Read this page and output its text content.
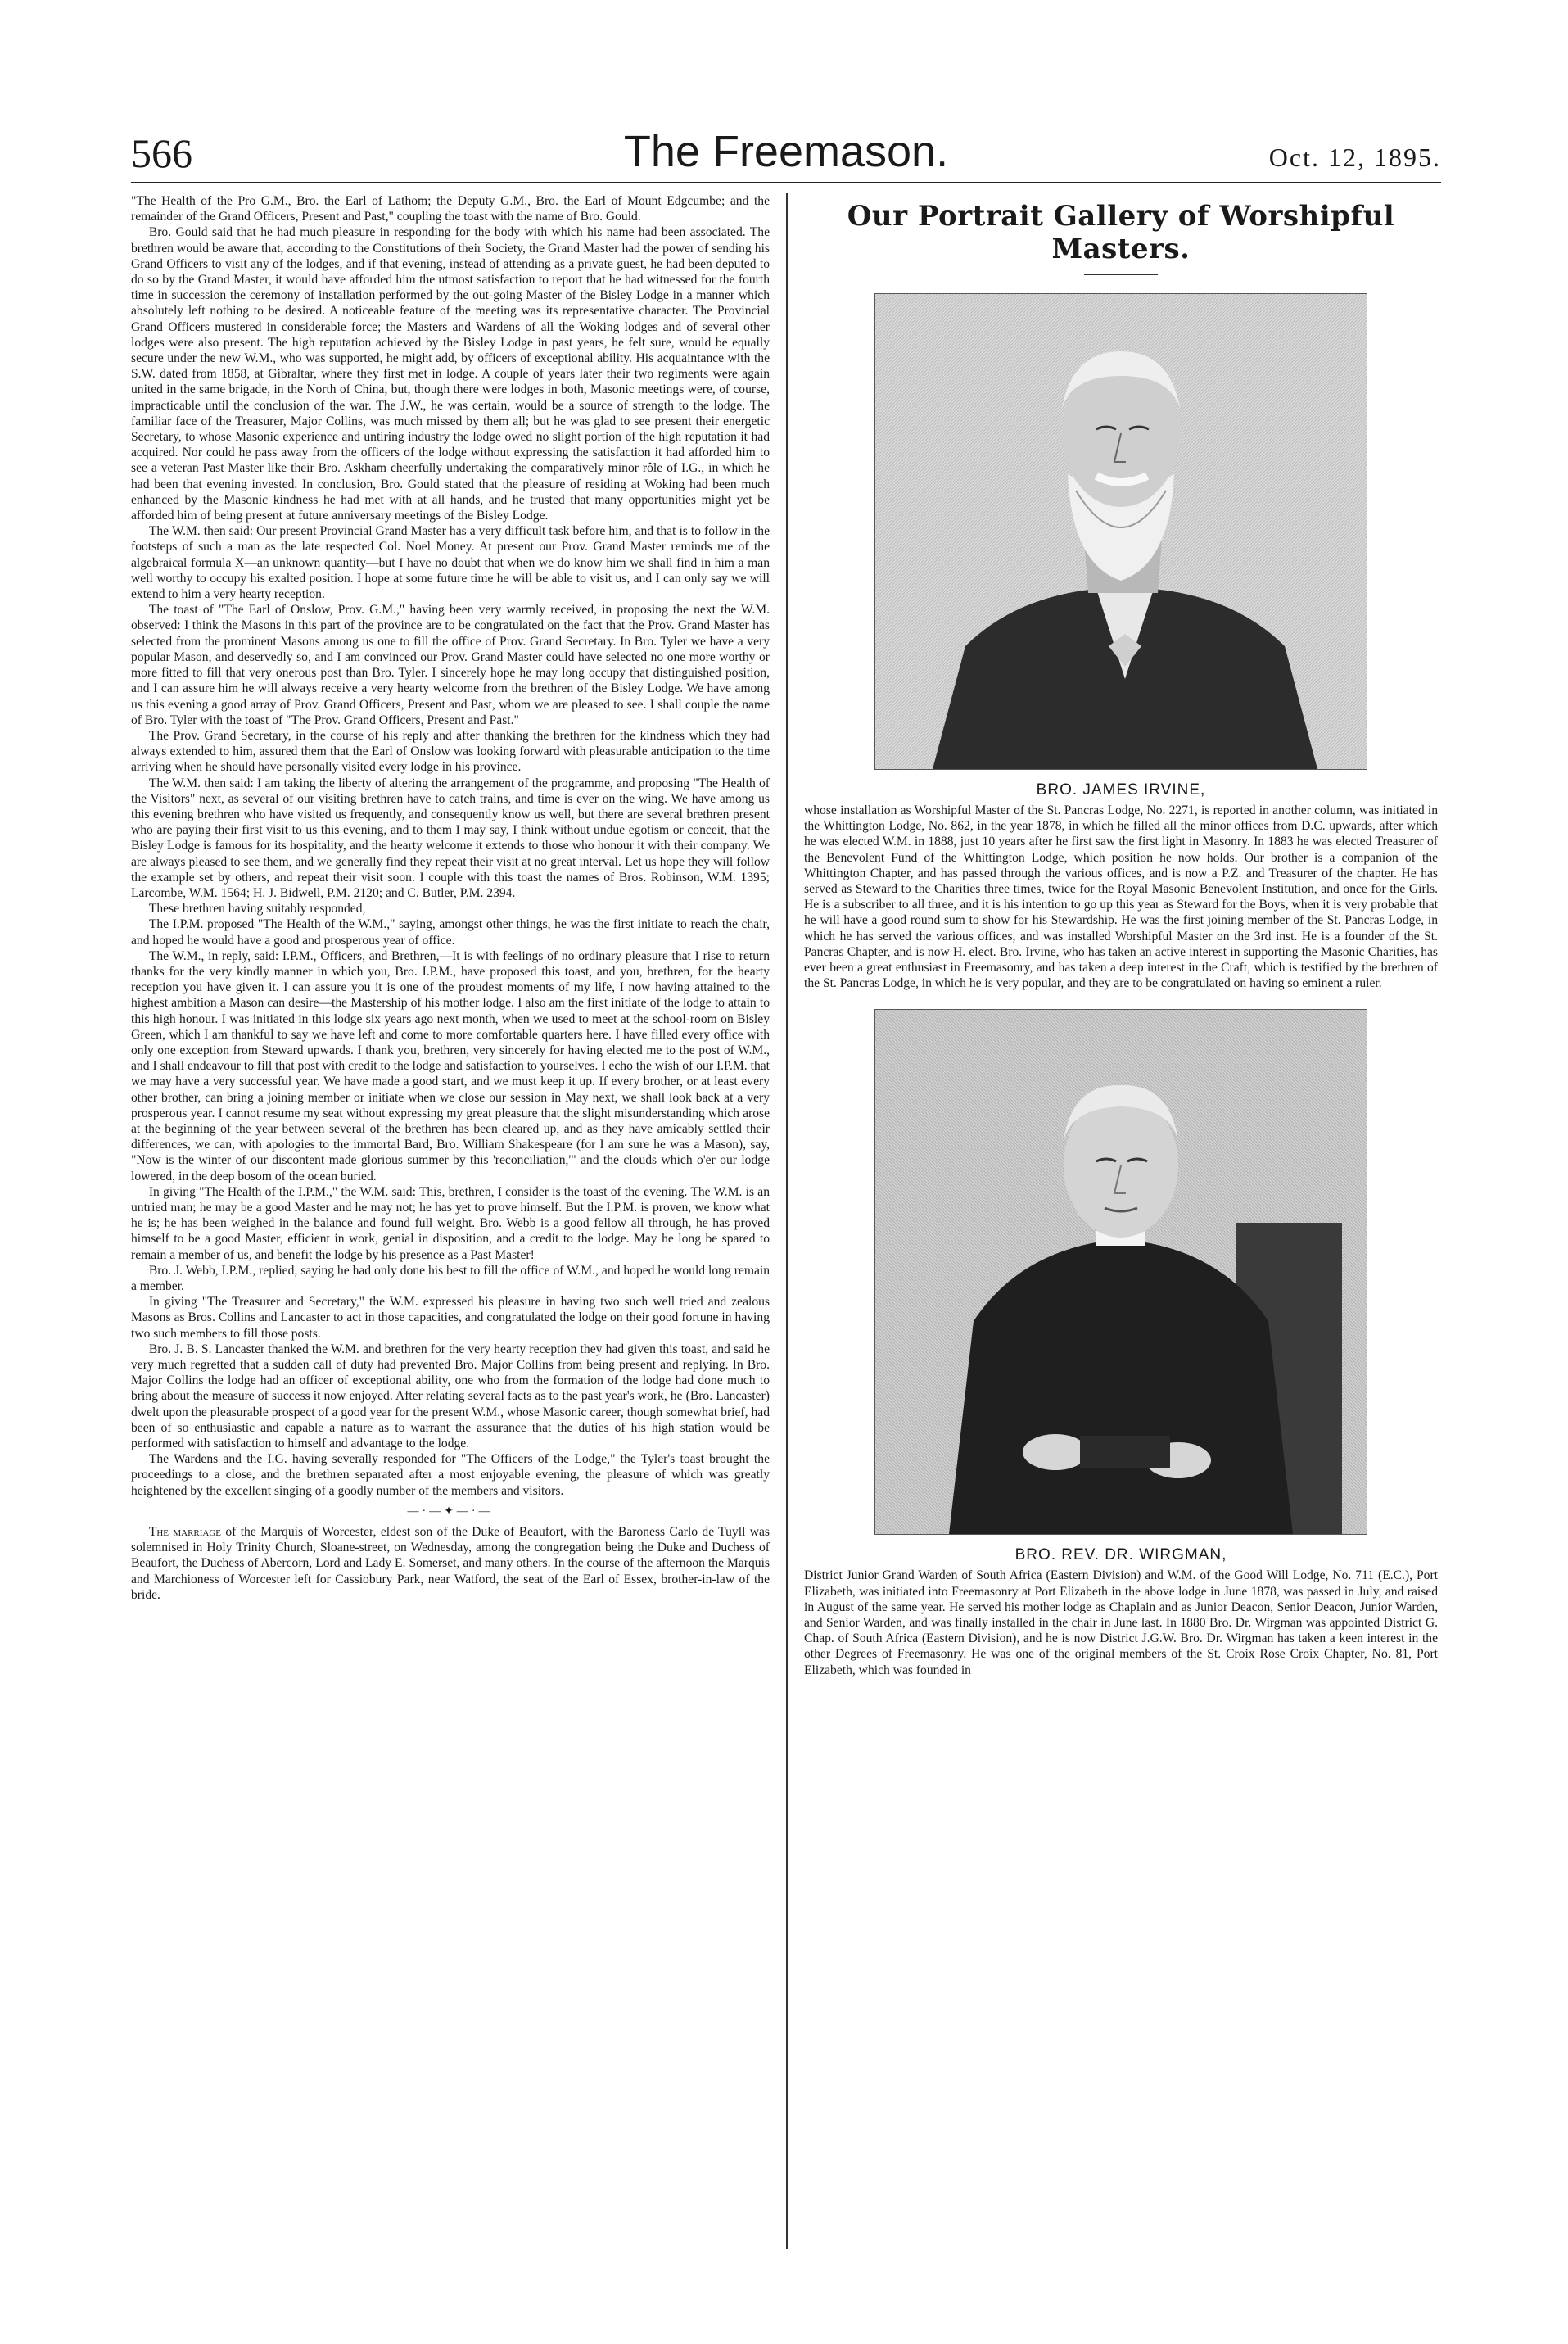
566	The Freemason.	Oct. 12, 1895.

"The Health of the Pro G.M., Bro. the Earl of Lathom; the Deputy G.M., Bro. the Earl of Mount Edgcumbe; and the remainder of the Grand Officers, Present and Past," coupling the toast with the name of Bro. Gould.

Bro. Gould said that he had much pleasure in responding for the body with which his name had been associated. The brethren would be aware that, according to the Constitutions of their Society, the Grand Master had the power of sending his Grand Officers to visit any of the lodges, and if that evening, instead of attending as a private guest, he had been deputed to do so by the Grand Master, it would have afforded him the utmost satisfaction to report that he had witnessed for the fourth time in succession the ceremony of installation performed by the out-going Master of the Bisley Lodge in a manner which absolutely left nothing to be desired. A noticeable feature of the meeting was its representative character. The Provincial Grand Officers mustered in considerable force; the Masters and Wardens of all the Woking lodges and of several other lodges were also present. The high reputation achieved by the Bisley Lodge in past years, he felt sure, would be equally secure under the new W.M., who was supported, he might add, by officers of exceptional ability. His acquaintance with the S.W. dated from 1858, at Gibraltar, where they first met in lodge. A couple of years later their two regiments were again united in the same brigade, in the North of China, but, though there were lodges in both, Masonic meetings were, of course, impracticable until the conclusion of the war. The J.W., he was certain, would be a source of strength to the lodge. The familiar face of the Treasurer, Major Collins, was much missed by them all; but he was glad to see present their energetic Secretary, to whose Masonic experience and untiring industry the lodge owed no slight portion of the high reputation it had acquired. Nor could he pass away from the officers of the lodge without expressing the satisfaction it had afforded him to see a veteran Past Master like their Bro. Askham cheerfully undertaking the comparatively minor rôle of I.G., in which he had been that evening invested. In conclusion, Bro. Gould stated that the pleasure of residing at Woking had been much enhanced by the Masonic kindness he had met with at all hands, and he trusted that many opportunities might yet be afforded him of being present at future anniversary meetings of the Bisley Lodge.

The W.M. then said: Our present Provincial Grand Master has a very difficult task before him, and that is to follow in the footsteps of such a man as the late respected Col. Noel Money. At present our Prov. Grand Master reminds me of the algebraical formula X—an unknown quantity—but I have no doubt that when we do know him we shall find in him a man well worthy to occupy his exalted position. I hope at some future time he will be able to visit us, and I can only say we will extend to him a very hearty reception.

The toast of "The Earl of Onslow, Prov. G.M.," having been very warmly received, in proposing the next the W.M. observed: I think the Masons in this part of the province are to be congratulated on the fact that the Prov. Grand Master has selected from the prominent Masons among us one to fill the office of Prov. Grand Secretary. In Bro. Tyler we have a very popular Mason, and deservedly so, and I am convinced our Prov. Grand Master could have selected no one more worthy or more fitted to fill that very onerous post than Bro. Tyler. I sincerely hope he may long occupy that distinguished position, and I can assure him he will always receive a very hearty welcome from the brethren of the Bisley Lodge. We have among us this evening a good array of Prov. Grand Officers, Present and Past, whom we are pleased to see. I shall couple the name of Bro. Tyler with the toast of "The Prov. Grand Officers, Present and Past."

The Prov. Grand Secretary, in the course of his reply and after thanking the brethren for the kindness which they had always extended to him, assured them that the Earl of Onslow was looking forward with pleasurable anticipation to the time arriving when he should have personally visited every lodge in his province.

The W.M. then said: I am taking the liberty of altering the arrangement of the programme, and proposing "The Health of the Visitors" next, as several of our visiting brethren have to catch trains, and time is ever on the wing. We have among us this evening brethren who have visited us frequently, and consequently know us well, but there are several brethren present who are paying their first visit to us this evening, and to them I may say, I think without undue egotism or conceit, that the Bisley Lodge is famous for its hospitality, and the hearty welcome it extends to those who honour it with their company. We are always pleased to see them, and we generally find they repeat their visit at no great interval. Let us hope they will follow the example set by others, and repeat their visit soon. I couple with this toast the names of Bros. Robinson, W.M. 1395; Larcombe, W.M. 1564; H. J. Bidwell, P.M. 2120; and C. Butler, P.M. 2394.

These brethren having suitably responded,

The I.P.M. proposed "The Health of the W.M.," saying, amongst other things, he was the first initiate to reach the chair, and hoped he would have a good and prosperous year of office.

The W.M., in reply, said: I.P.M., Officers, and Brethren,—It is with feelings of no ordinary pleasure that I rise to return thanks for the very kindly manner in which you, Bro. I.P.M., have proposed this toast, and you, brethren, for the hearty reception you have given it. I can assure you it is one of the proudest moments of my life, I now having attained to the highest ambition a Mason can desire—the Mastership of his mother lodge. I also am the first initiate of the lodge to attain to this high honour. I was initiated in this lodge six years ago next month, when we used to meet at the school-room on Bisley Green, which I am thankful to say we have left and come to more comfortable quarters here. I have filled every office with only one exception from Steward upwards. I thank you, brethren, very sincerely for having elected me to the post of W.M., and I shall endeavour to fill that post with credit to the lodge and satisfaction to yourselves. I echo the wish of our I.P.M. that we may have a very successful year. We have made a good start, and we must keep it up. If every brother, or at least every other brother, can bring a joining member or initiate when we close our session in May next, we shall look back at a very prosperous year. I cannot resume my seat without expressing my great pleasure that the slight misunderstanding which arose at the beginning of the year between several of the brethren has been cleared up, and as they have amicably settled their differences, we can, with apologies to the immortal Bard, Bro. William Shakespeare (for I am sure he was a Mason), say, "Now is the winter of our discontent made glorious summer by this 'reconciliation,'" and the clouds which o'er our lodge lowered, in the deep bosom of the ocean buried.

In giving "The Health of the I.P.M.," the W.M. said: This, brethren, I consider is the toast of the evening. The W.M. is an untried man; he may be a good Master and he may not; he has yet to prove himself. But the I.P.M. is proven, we know what he is; he has been weighed in the balance and found full weight. Bro. Webb is a good fellow all through, he has proved himself to be a good Master, efficient in work, genial in disposition, and a credit to the lodge. May he long be spared to remain a member of us, and benefit the lodge by his presence as a Past Master!

Bro. J. Webb, I.P.M., replied, saying he had only done his best to fill the office of W.M., and hoped he would long remain a member.

In giving "The Treasurer and Secretary," the W.M. expressed his pleasure in having two such well tried and zealous Masons as Bros. Collins and Lancaster to act in those capacities, and congratulated the lodge on their good fortune in having two such members to fill those posts.

Bro. J. B. S. Lancaster thanked the W.M. and brethren for the very hearty reception they had given this toast, and said he very much regretted that a sudden call of duty had prevented Bro. Major Collins from being present and replying. In Bro. Major Collins the lodge had an officer of exceptional ability, one who from the formation of the lodge had done much to bring about the measure of success it now enjoyed. After relating several facts as to the past year's work, he (Bro. Lancaster) dwelt upon the pleasurable prospect of a good year for the present W.M., whose Masonic career, though somewhat brief, had been of so enthusiastic and capable a nature as to warrant the assurance that the duties of his high station would be performed with satisfaction to himself and advantage to the lodge.

The Wardens and the I.G. having severally responded for "The Officers of the Lodge," the Tyler's toast brought the proceedings to a close, and the brethren separated after a most enjoyable evening, the pleasure of which was greatly heightened by the excellent singing of a goodly number of the members and visitors.

—·—✦—·—

The marriage of the Marquis of Worcester, eldest son of the Duke of Beaufort, with the Baroness Carlo de Tuyll was solemnised in Holy Trinity Church, Sloane-street, on Wednesday, among the congregation being the Duke and Duchess of Beaufort, the Duchess of Abercorn, Lord and Lady E. Somerset, and many others. In the course of the afternoon the Marquis and Marchioness of Worcester left for Cassiobury Park, near Watford, the seat of the Earl of Essex, brother-in-law of the bride.

Our Portrait Gallery of Worshipful Masters.
BRO. JAMES IRVINE,

whose installation as Worshipful Master of the St. Pancras Lodge, No. 2271, is reported in another column, was initiated in the Whittington Lodge, No. 862, in the year 1878, in which he filled all the minor offices from D.C. upwards, after which he was elected W.M. in 1888, just 10 years after he first saw the first light in Masonry. In 1883 he was elected Treasurer of the Benevolent Fund of the Whittington Lodge, which position he now holds. Our brother is a companion of the Whittington Chapter, and has passed through the various offices, and is now a P.Z. and Treasurer of the chapter. He has served as Steward to the Charities three times, twice for the Royal Masonic Benevolent Institution, and once for the Girls. He is a subscriber to all three, and it is his intention to go up this year as Steward for the Boys, when it is very probable that he will have a good round sum to show for his Stewardship. He was the first joining member of the St. Pancras Lodge, in which he has served the various offices, and was installed Worshipful Master on the 3rd inst. He is a founder of the St. Pancras Chapter, and is now H. elect. Bro. Irvine, who has taken an active interest in supporting the Masonic Charities, has ever been a great enthusiast in Freemasonry, and has taken a deep interest in the Craft, which is testified by the brethren of the St. Pancras Lodge, in which he is very popular, and they are to be congratulated on having so eminent a ruler.

BRO. REV. DR. WIRGMAN,

District Junior Grand Warden of South Africa (Eastern Division) and W.M. of the Good Will Lodge, No. 711 (E.C.), Port Elizabeth, was initiated into Freemasonry at Port Elizabeth in the above lodge in June 1878, was passed in July, and raised in August of the same year. He served his mother lodge as Chaplain and as Junior Deacon, Senior Deacon, Junior Warden, and Senior Warden, and was finally installed in the chair in June last. In 1880 Bro. Dr. Wirgman was appointed District G. Chap. of South Africa (Eastern Division), and he is now District J.G.W. Bro. Dr. Wirgman has taken a keen interest in the other Degrees of Freemasonry. He was one of the original members of the St. Croix Rose Croix Chapter, No. 81, Port Elizabeth, which was founded in
